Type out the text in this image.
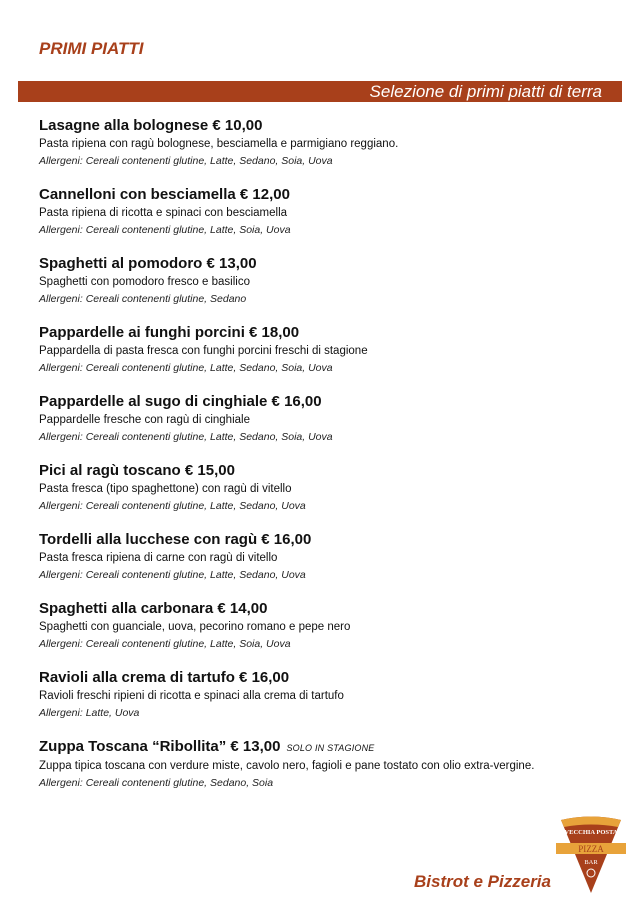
PRIMI PIATTI
Selezione di primi piatti di terra
Lasagne alla bolognese € 10,00
Pasta ripiena con ragù bolognese, besciamella e parmigiano reggiano.
Allergeni: Cereali contenenti glutine, Latte, Sedano, Soia, Uova
Cannelloni con besciamella € 12,00
Pasta ripiena di ricotta e spinaci con besciamella
Allergeni: Cereali contenenti glutine, Latte, Soia, Uova
Spaghetti al pomodoro € 13,00
Spaghetti con pomodoro fresco e basilico
Allergeni: Cereali contenenti glutine, Sedano
Pappardelle ai funghi porcini € 18,00
Pappardella di pasta fresca con funghi porcini freschi di stagione
Allergeni: Cereali contenenti glutine, Latte, Sedano, Soia, Uova
Pappardelle al sugo di cinghiale € 16,00
Pappardelle fresche con ragù di cinghiale
Allergeni: Cereali contenenti glutine, Latte, Sedano, Soia, Uova
Pici al ragù toscano € 15,00
Pasta fresca (tipo spaghettone) con ragù di vitello
Allergeni: Cereali contenenti glutine, Latte, Sedano, Uova
Tordelli alla lucchese con ragù € 16,00
Pasta fresca ripiena di carne con ragù di vitello
Allergeni: Cereali contenenti glutine, Latte, Sedano, Uova
Spaghetti alla carbonara € 14,00
Spaghetti con guanciale, uova, pecorino romano e pepe nero
Allergeni: Cereali contenenti glutine, Latte, Soia, Uova
Ravioli alla crema di tartufo € 16,00
Ravioli freschi ripieni di ricotta e spinaci alla crema di tartufo
Allergeni: Latte, Uova
Zuppa Toscana “Ribollita” € 13,00 SOLO IN STAGIONE
Zuppa tipica toscana con verdure miste, cavolo nero, fagioli e pane tostato con olio extra-vergine.
Allergeni: Cereali contenenti glutine, Sedano, Soia
Bistrot e Pizzeria
VECCHIA POSTA
PIZZA
BAR
